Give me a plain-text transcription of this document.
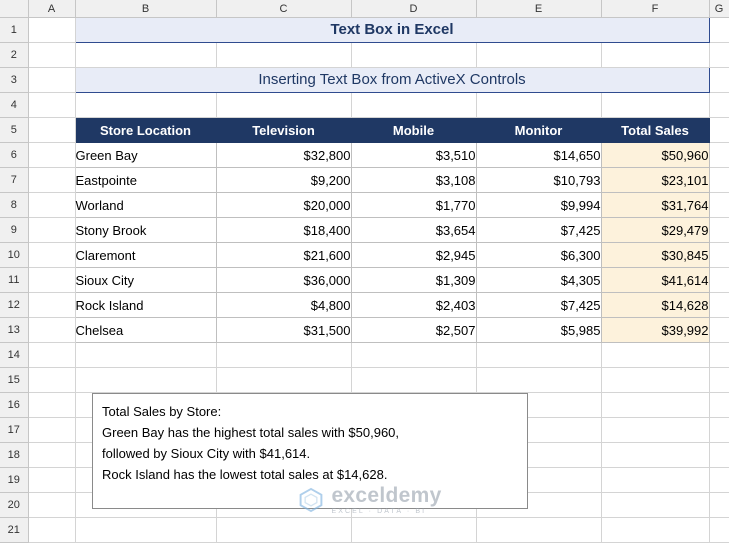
	A	B	C	D	E	F	G
1		Text Box in Excel					
2							
3		Inserting Text Box from ActiveX Controls					
4							
5		Store Location	Television	Mobile	Monitor	Total Sales	
6		Green Bay	$32,800	$3,510	$14,650	$50,960	
7		Eastpointe	$9,200	$3,108	$10,793	$23,101	
8		Worland	$20,000	$1,770	$9,994	$31,764	
9		Stony Brook	$18,400	$3,654	$7,425	$29,479	
10		Claremont	$21,600	$2,945	$6,300	$30,845	
11		Sioux City	$36,000	$1,309	$4,305	$41,614	
12		Rock Island	$4,800	$2,403	$7,425	$14,628	
13		Chelsea	$31,500	$2,507	$5,985	$39,992	
14							
15							
16							
17							
18							
19							
20							
21							
Total Sales by Store:
Green Bay has the highest total sales with $50,960,
followed by Sioux City with $41,614.
Rock Island has the lowest total sales at $14,628.
exceldemy
EXCEL · DATA · BI
